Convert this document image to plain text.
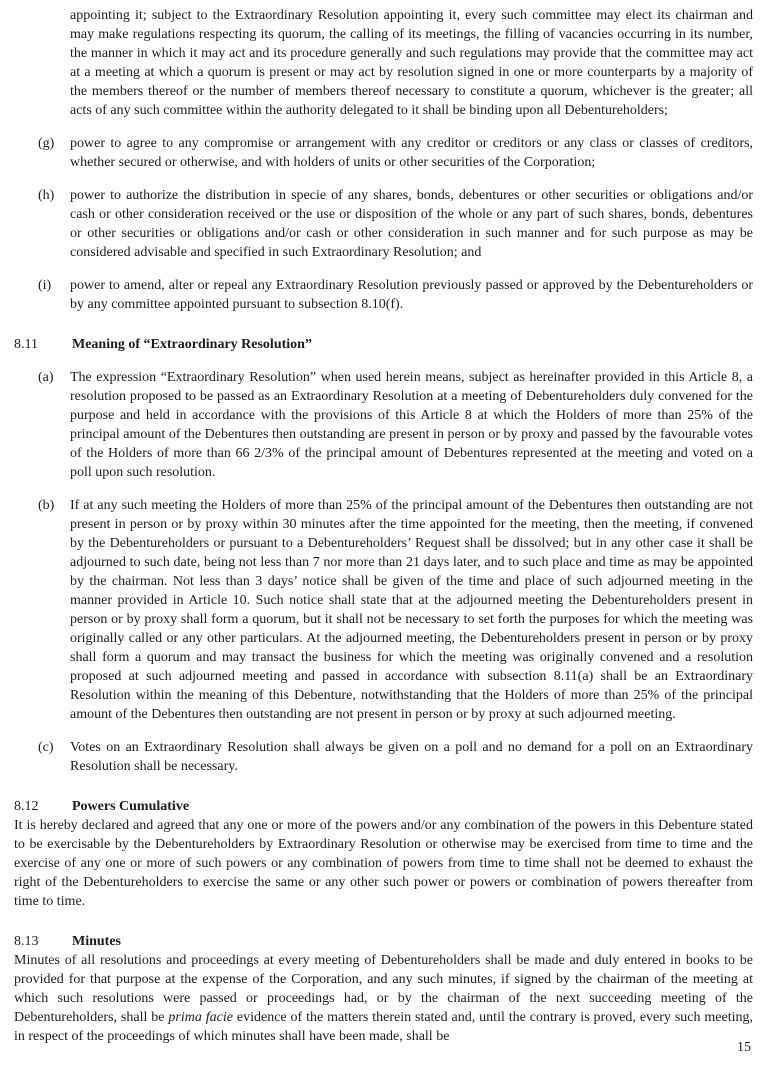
appointing it; subject to the Extraordinary Resolution appointing it, every such committee may elect its chairman and may make regulations respecting its quorum, the calling of its meetings, the filling of vacancies occurring in its number, the manner in which it may act and its procedure generally and such regulations may provide that the committee may act at a meeting at which a quorum is present or may act by resolution signed in one or more counterparts by a majority of the members thereof or the number of members thereof necessary to constitute a quorum, whichever is the greater; all acts of any such committee within the authority delegated to it shall be binding upon all Debentureholders;
(g)	power to agree to any compromise or arrangement with any creditor or creditors or any class or classes of creditors, whether secured or otherwise, and with holders of units or other securities of the Corporation;
(h)	power to authorize the distribution in specie of any shares, bonds, debentures or other securities or obligations and/or cash or other consideration received or the use or disposition of the whole or any part of such shares, bonds, debentures or other securities or obligations and/or cash or other consideration in such manner and for such purpose as may be considered advisable and specified in such Extraordinary Resolution; and
(i)	power to amend, alter or repeal any Extraordinary Resolution previously passed or approved by the Debentureholders or by any committee appointed pursuant to subsection 8.10(f).
8.11	Meaning of “Extraordinary Resolution”
(a)	The expression “Extraordinary Resolution” when used herein means, subject as hereinafter provided in this Article 8, a resolution proposed to be passed as an Extraordinary Resolution at a meeting of Debentureholders duly convened for the purpose and held in accordance with the provisions of this Article 8 at which the Holders of more than 25% of the principal amount of the Debentures then outstanding are present in person or by proxy and passed by the favourable votes of the Holders of more than 66 2/3% of the principal amount of Debentures represented at the meeting and voted on a poll upon such resolution.
(b)	If at any such meeting the Holders of more than 25% of the principal amount of the Debentures then outstanding are not present in person or by proxy within 30 minutes after the time appointed for the meeting, then the meeting, if convened by the Debentureholders or pursuant to a Debentureholders’ Request shall be dissolved; but in any other case it shall be adjourned to such date, being not less than 7 nor more than 21 days later, and to such place and time as may be appointed by the chairman. Not less than 3 days’ notice shall be given of the time and place of such adjourned meeting in the manner provided in Article 10. Such notice shall state that at the adjourned meeting the Debentureholders present in person or by proxy shall form a quorum, but it shall not be necessary to set forth the purposes for which the meeting was originally called or any other particulars. At the adjourned meeting, the Debentureholders present in person or by proxy shall form a quorum and may transact the business for which the meeting was originally convened and a resolution proposed at such adjourned meeting and passed in accordance with subsection 8.11(a) shall be an Extraordinary Resolution within the meaning of this Debenture, notwithstanding that the Holders of more than 25% of the principal amount of the Debentures then outstanding are not present in person or by proxy at such adjourned meeting.
(c)	Votes on an Extraordinary Resolution shall always be given on a poll and no demand for a poll on an Extraordinary Resolution shall be necessary.
8.12	Powers Cumulative
It is hereby declared and agreed that any one or more of the powers and/or any combination of the powers in this Debenture stated to be exercisable by the Debentureholders by Extraordinary Resolution or otherwise may be exercised from time to time and the exercise of any one or more of such powers or any combination of powers from time to time shall not be deemed to exhaust the right of the Debentureholders to exercise the same or any other such power or powers or combination of powers thereafter from time to time.
8.13	Minutes
Minutes of all resolutions and proceedings at every meeting of Debentureholders shall be made and duly entered in books to be provided for that purpose at the expense of the Corporation, and any such minutes, if signed by the chairman of the meeting at which such resolutions were passed or proceedings had, or by the chairman of the next succeeding meeting of the Debentureholders, shall be prima facie evidence of the matters therein stated and, until the contrary is proved, every such meeting, in respect of the proceedings of which minutes shall have been made, shall be
15
